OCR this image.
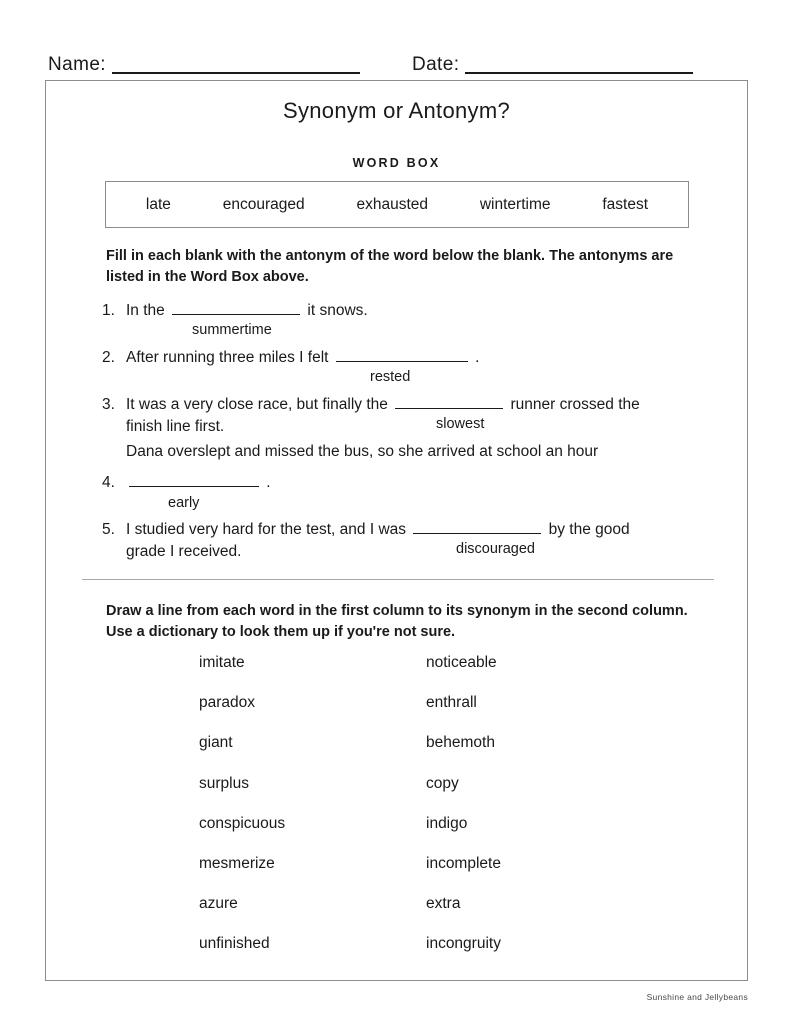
Name:	Date:
Synonym or Antonym?
WORD BOX
late	encouraged	exhausted	wintertime	fastest
Fill in each blank with the antonym of the word below the blank. The antonyms are listed in the Word Box above.
1. In the	it snows.
summertime
2. After running three miles I felt	.
rested
3. It was a very close race, but finally the	runner crossed the
finish line first.	slowest
4.
Dana overslept and missed the bus, so she arrived at school an hour
.
early
5. I studied very hard for the test, and I was	by the good
grade I received.	discouraged
Draw a line from each word in the first column to its synonym in the second column. Use a dictionary to look them up if you're not sure.
imitate	noticeable
paradox	enthrall
giant	behemoth
surplus	copy
conspicuous	indigo
mesmerize	incomplete
azure	extra
unfinished	incongruity
Sunshine and Jellybeans
